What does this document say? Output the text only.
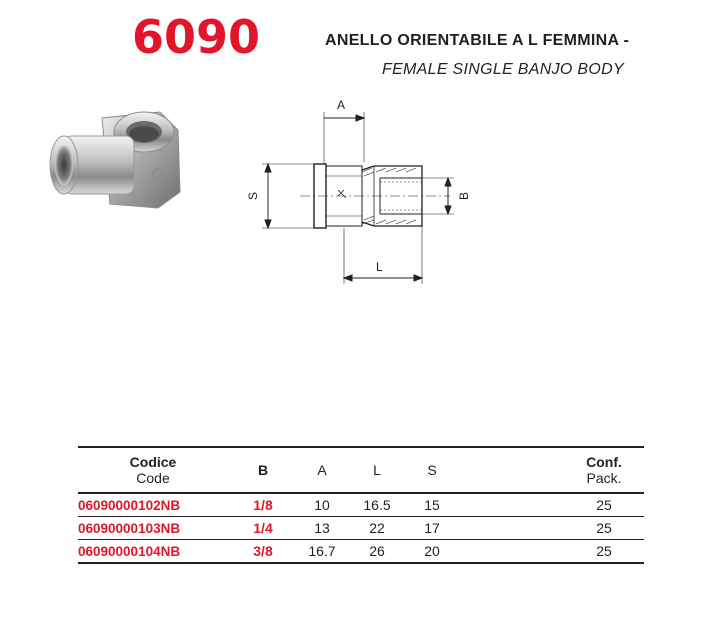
6090	ANELLO ORIENTABILE A L FEMMINA -
FEMALE SINGLE BANJO BODY
A
S	B
L
Codice
Code	B	A	L	S		Conf.
Pack.

06090000102NB	1/8	10	16.5	15		25
06090000103NB	1/4	13	22	17		25
06090000104NB	3/8	16.7	26	20		25
